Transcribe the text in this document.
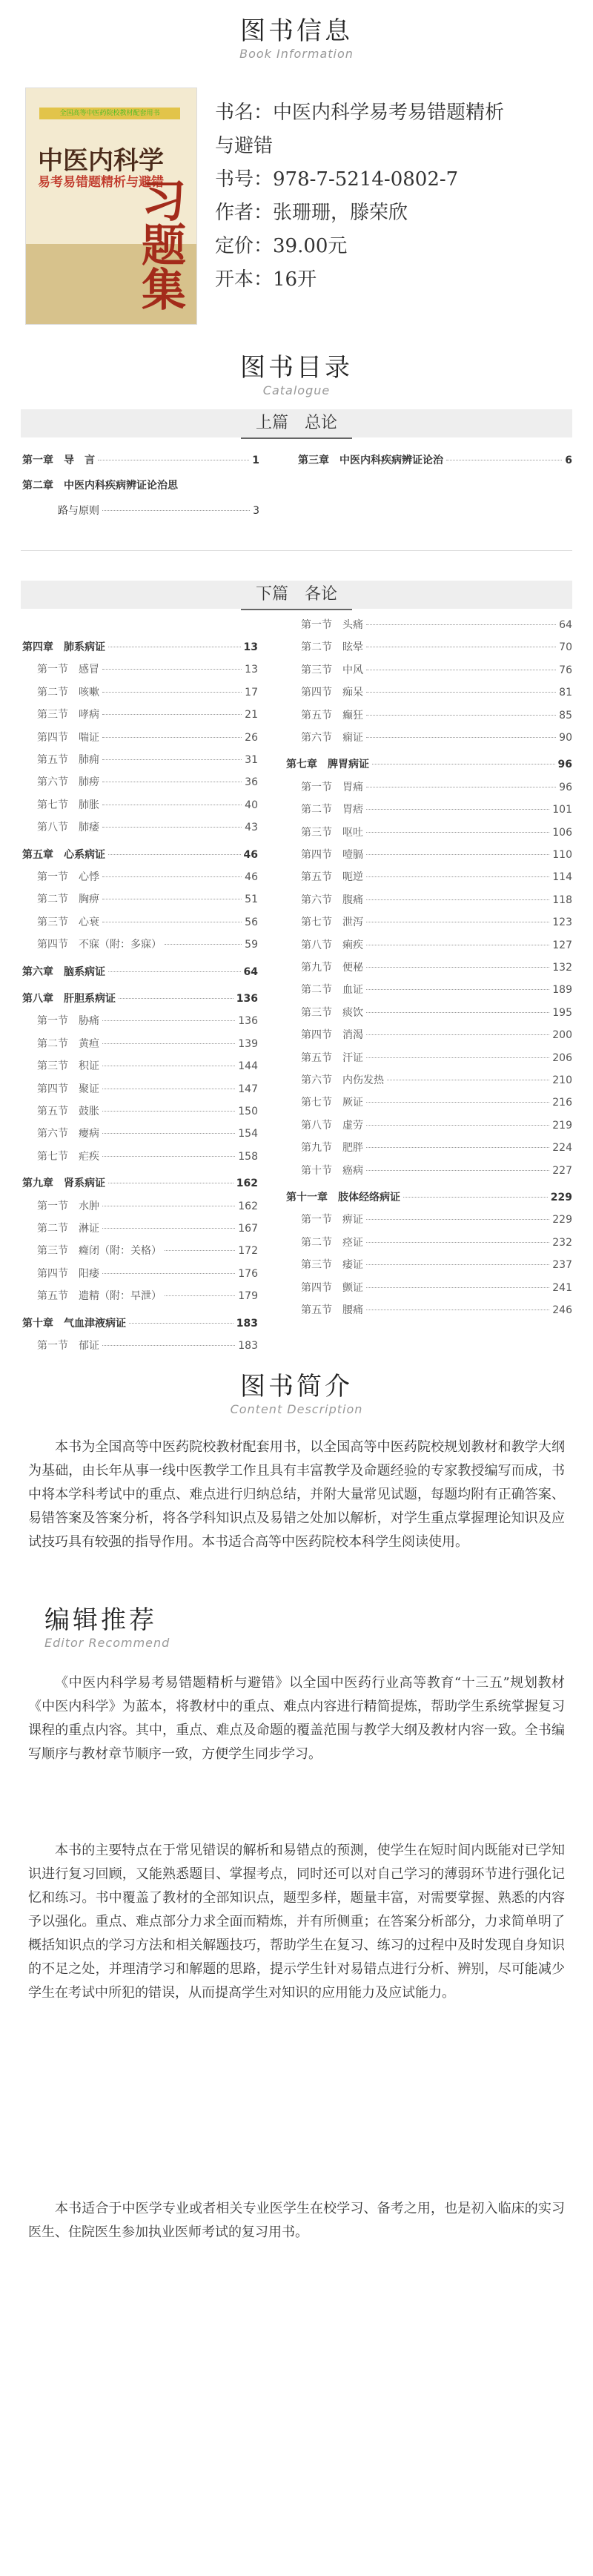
图书信息
Book Information
全国高等中医药院校教材配套用书
中医内科学
易考易错题精析与避错
习题集
书名：中医内科学易考易错题精析
与避错
书号：978-7-5214-0802-7
作者：张珊珊，滕荣欣
定价：39.00元
开本：16开
图书目录
Catalogue
上篇　总论
第一章　导　言	1
第二章　中医内科疾病辨证论治思
路与原则	3
第三章　中医内科疾病辨证论治	6
下篇　各论
第四章　肺系病证	13
第一节　感冒	13
第二节　咳嗽	17
第三节　哮病	21
第四节　喘证	26
第五节　肺痈	31
第六节　肺痨	36
第七节　肺胀	40
第八节　肺痿	43
第五章　心系病证	46
第一节　心悸	46
第二节　胸痹	51
第三节　心衰	56
第四节　不寐（附：多寐）	59
第六章　脑系病证	64
第八章　肝胆系病证	136
第一节　胁痛	136
第二节　黄疸	139
第三节　积证	144
第四节　聚证	147
第五节　鼓胀	150
第六节　瘿病	154
第七节　疟疾	158
第九章　肾系病证	162
第一节　水肿	162
第二节　淋证	167
第三节　癃闭（附：关格）	172
第四节　阳痿	176
第五节　遗精（附：早泄）	179
第十章　气血津液病证	183
第一节　郁证	183
第一节　头痛	64
第二节　眩晕	70
第三节　中风	76
第四节　痴呆	81
第五节　癫狂	85
第六节　痫证	90
第七章　脾胃病证	96
第一节　胃痛	96
第二节　胃痞	101
第三节　呕吐	106
第四节　噎膈	110
第五节　呃逆	114
第六节　腹痛	118
第七节　泄泻	123
第八节　痢疾	127
第九节　便秘	132
第二节　血证	189
第三节　痰饮	195
第四节　消渴	200
第五节　汗证	206
第六节　内伤发热	210
第七节　厥证	216
第八节　虚劳	219
第九节　肥胖	224
第十节　癌病	227
第十一章　肢体经络病证	229
第一节　痹证	229
第二节　痉证	232
第三节　痿证	237
第四节　颤证	241
第五节　腰痛	246
图书简介
Content Description
本书为全国高等中医药院校教材配套用书，以全国高等中医药院校规划教材和教学大纲为基础，由长年从事一线中医教学工作且具有丰富教学及命题经验的专家教授编写而成，书中将本学科考试中的重点、难点进行归纳总结，并附大量常见试题，每题均附有正确答案、易错答案及答案分析，将各学科知识点及易错之处加以解析，对学生重点掌握理论知识及应试技巧具有较强的指导作用。本书适合高等中医药院校本科学生阅读使用。
编辑推荐
Editor Recommend
《中医内科学易考易错题精析与避错》以全国中医药行业高等教育“十三五”规划教材《中医内科学》为蓝本，将教材中的重点、难点内容进行精简提炼，帮助学生系统掌握复习课程的重点内容。其中，重点、难点及命题的覆盖范围与教学大纲及教材内容一致。全书编写顺序与教材章节顺序一致，方便学生同步学习。
本书的主要特点在于常见错误的解析和易错点的预测，使学生在短时间内既能对已学知识进行复习回顾，又能熟悉题目、掌握考点，同时还可以对自己学习的薄弱环节进行强化记忆和练习。书中覆盖了教材的全部知识点，题型多样，题量丰富，对需要掌握、熟悉的内容予以强化。重点、难点部分力求全面而精炼，并有所侧重；在答案分析部分，力求简单明了概括知识点的学习方法和相关解题技巧，帮助学生在复习、练习的过程中及时发现自身知识的不足之处，并理清学习和解题的思路，提示学生针对易错点进行分析、辨别，尽可能减少学生在考试中所犯的错误，从而提高学生对知识的应用能力及应试能力。
本书适合于中医学专业或者相关专业医学生在校学习、备考之用，也是初入临床的实习医生、住院医生参加执业医师考试的复习用书。
